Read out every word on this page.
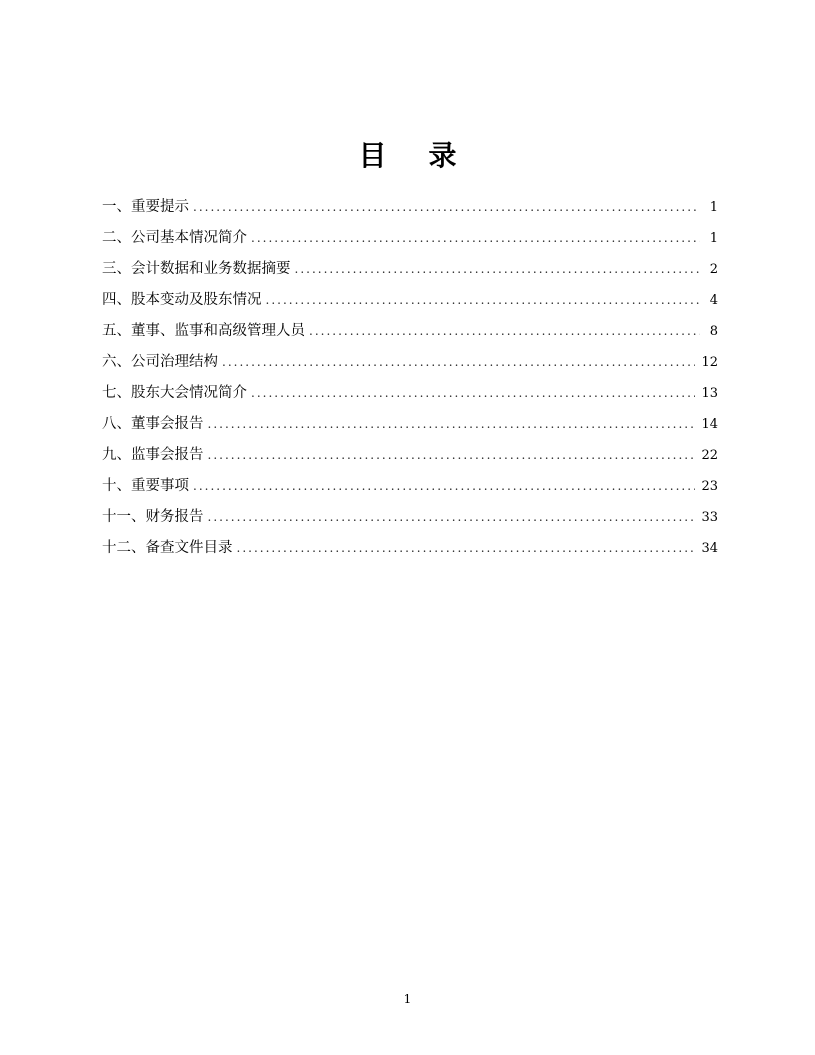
目 录
一、重要提示 .....	1
二、公司基本情况简介 .....	1
三、会计数据和业务数据摘要 .....	2
四、股本变动及股东情况 .....	4
五、董事、监事和高级管理人员 .....	8
六、公司治理结构 .....	12
七、股东大会情况简介 .....	13
八、董事会报告 .....	14
九、监事会报告 .....	22
十、重要事项 .....	23
十一、财务报告 .....	33
十二、备查文件目录 .....	34

1
